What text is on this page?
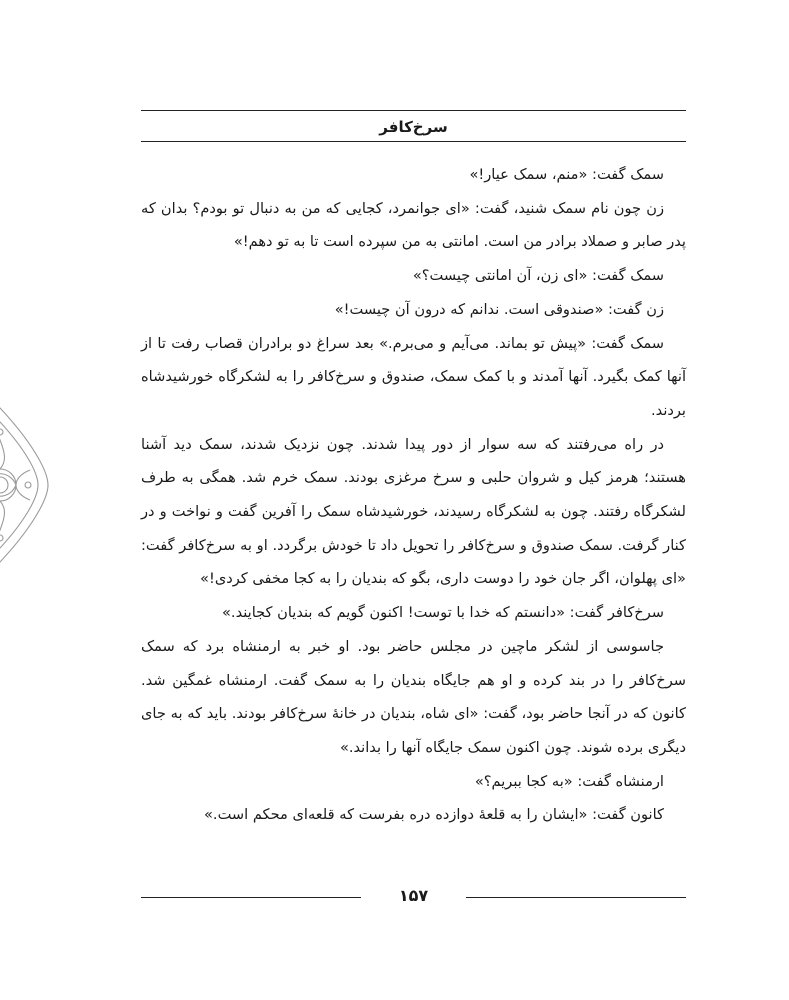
سرخ‌کافر

سمک گفت: «منم، سمک عیار!»

زن چون نام سمک شنید، گفت: «ای جوانمرد، کجایی که من به دنبال تو بودم؟ بدان که پدر صابر و صملاد برادر من است. امانتی به من سپرده است تا به تو دهم!»

سمک گفت: «ای زن، آن امانتی چیست؟»

زن گفت: «صندوقی است. ندانم که درون آن چیست!»

سمک گفت: «پیش تو بماند. می‌آیم و می‌برم.» بعد سراغ دو برادران قصاب رفت تا از آنها کمک بگیرد. آنها آمدند و با کمک سمک، صندوق و سرخ‌کافر را به لشکرگاه خورشیدشاه بردند.

در راه می‌رفتند که سه سوار از دور پیدا شدند. چون نزدیک شدند، سمک دید آشنا هستند؛ هرمز کیل و شروان حلبی و سرخ مرغزی بودند. سمک خرم شد. همگی به طرف لشکرگاه رفتند. چون به لشکرگاه رسیدند، خورشیدشاه سمک را آفرین گفت و نواخت و در کنار گرفت. سمک صندوق و سرخ‌کافر را تحویل داد تا خودش برگردد. او به سرخ‌کافر گفت: «ای پهلوان، اگر جان خود را دوست داری، بگو که بندیان را به کجا مخفی کردی!»

سرخ‌کافر گفت: «دانستم که خدا با توست! اکنون گویم که بندیان کجایند.»

جاسوسی از لشکر ماچین در مجلس حاضر بود. او خبر به ارمنشاه برد که سمک سرخ‌کافر را در بند کرده و او هم جایگاه بندیان را به سمک گفت. ارمنشاه غمگین شد. کانون که در آنجا حاضر بود، گفت: «ای شاه، بندیان در خانهٔ سرخ‌کافر بودند. باید که به جای دیگری برده شوند. چون اکنون سمک جایگاه آنها را بداند.»

ارمنشاه گفت: «به کجا ببریم؟»

کانون گفت: «ایشان را به قلعهٔ دوازده دره بفرست که قلعه‌ای محکم است.»

۱۵۷
